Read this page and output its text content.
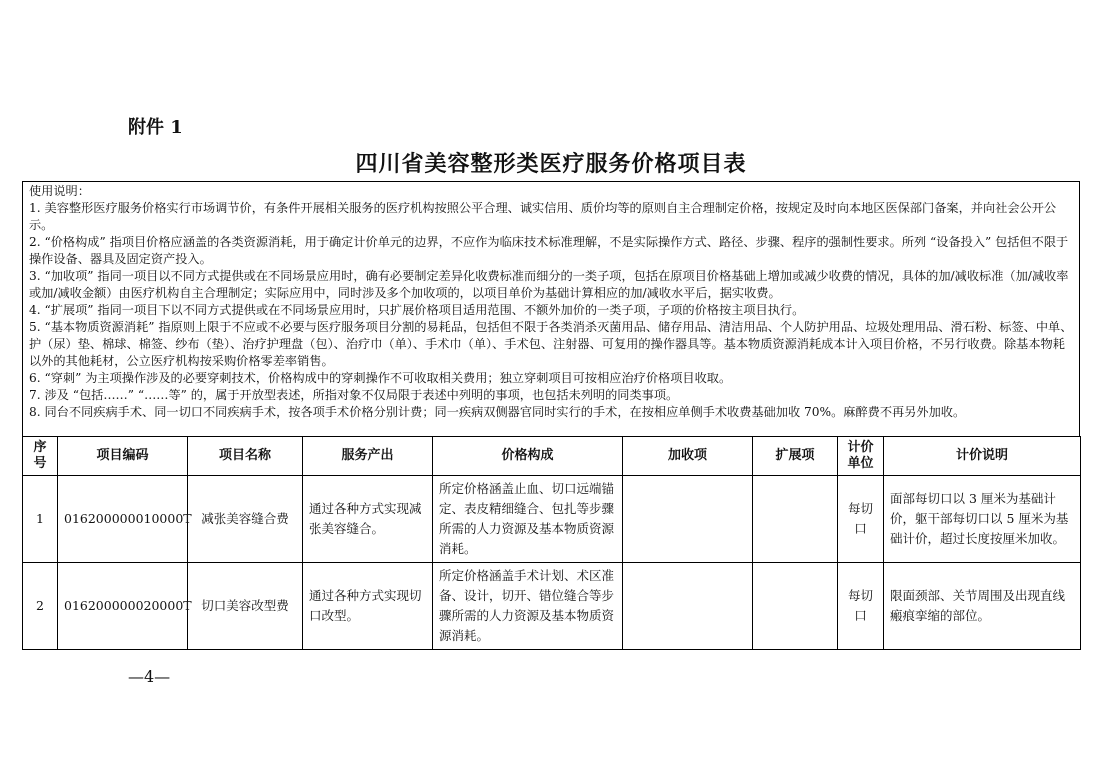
附件 1
四川省美容整形类医疗服务价格项目表
使用说明：
1. 美容整形医疗服务价格实行市场调节价，有条件开展相关服务的医疗机构按照公平合理、诚实信用、质价均等的原则自主合理制定价格，按规定及时向本地区医保部门备案，并向社会公开公示。
2. “价格构成” 指项目价格应涵盖的各类资源消耗，用于确定计价单元的边界，不应作为临床技术标准理解，不是实际操作方式、路径、步骤、程序的强制性要求。所列 “设备投入” 包括但不限于操作设备、器具及固定资产投入。
3. “加收项” 指同一项目以不同方式提供或在不同场景应用时，确有必要制定差异化收费标准而细分的一类子项，包括在原项目价格基础上增加或减少收费的情况，具体的加/减收标准（加/减收率或加/减收金额）由医疗机构自主合理制定；实际应用中，同时涉及多个加收项的，以项目单价为基础计算相应的加/减收水平后，据实收费。
4. “扩展项” 指同一项目下以不同方式提供或在不同场景应用时，只扩展价格项目适用范围、不额外加价的一类子项，子项的价格按主项目执行。
5. “基本物质资源消耗” 指原则上限于不应或不必要与医疗服务项目分割的易耗品，包括但不限于各类消杀灭菌用品、储存用品、清洁用品、个人防护用品、垃圾处理用品、滑石粉、标签、中单、护（尿）垫、棉球、棉签、纱布（垫）、治疗护理盘（包）、治疗巾（单）、手术巾（单）、手术包、注射器、可复用的操作器具等。基本物质资源消耗成本计入项目价格，不另行收费。除基本物耗以外的其他耗材，公立医疗机构按采购价格零差率销售。
6. “穿刺” 为主项操作涉及的必要穿刺技术，价格构成中的穿刺操作不可收取相关费用；独立穿刺项目可按相应治疗价格项目收取。
7. 涉及 “包括……” “……等” 的，属于开放型表述，所指对象不仅局限于表述中列明的事项，也包括未列明的同类事项。
8. 同台不同疾病手术、同一切口不同疾病手术，按各项手术价格分别计费；同一疾病双侧器官同时实行的手术，在按相应单侧手术收费基础加收 70%。麻醉费不再另外加收。
序号	项目编码	项目名称	服务产出	价格构成	加收项	扩展项	计价单位	计价说明
1	016200000010000T	减张美容缝合费	通过各种方式实现减张美容缝合。	所定价格涵盖止血、切口远端锚定、表皮精细缝合、包扎等步骤所需的人力资源及基本物质资源消耗。			每切口	面部每切口以 3 厘米为基础计价，躯干部每切口以 5 厘米为基础计价，超过长度按厘米加收。
2	016200000020000T	切口美容改型费	通过各种方式实现切口改型。	所定价格涵盖手术计划、术区准备、设计，切开、错位缝合等步骤所需的人力资源及基本物质资源消耗。			每切口	限面颈部、关节周围及出现直线瘢痕挛缩的部位。
—4—
